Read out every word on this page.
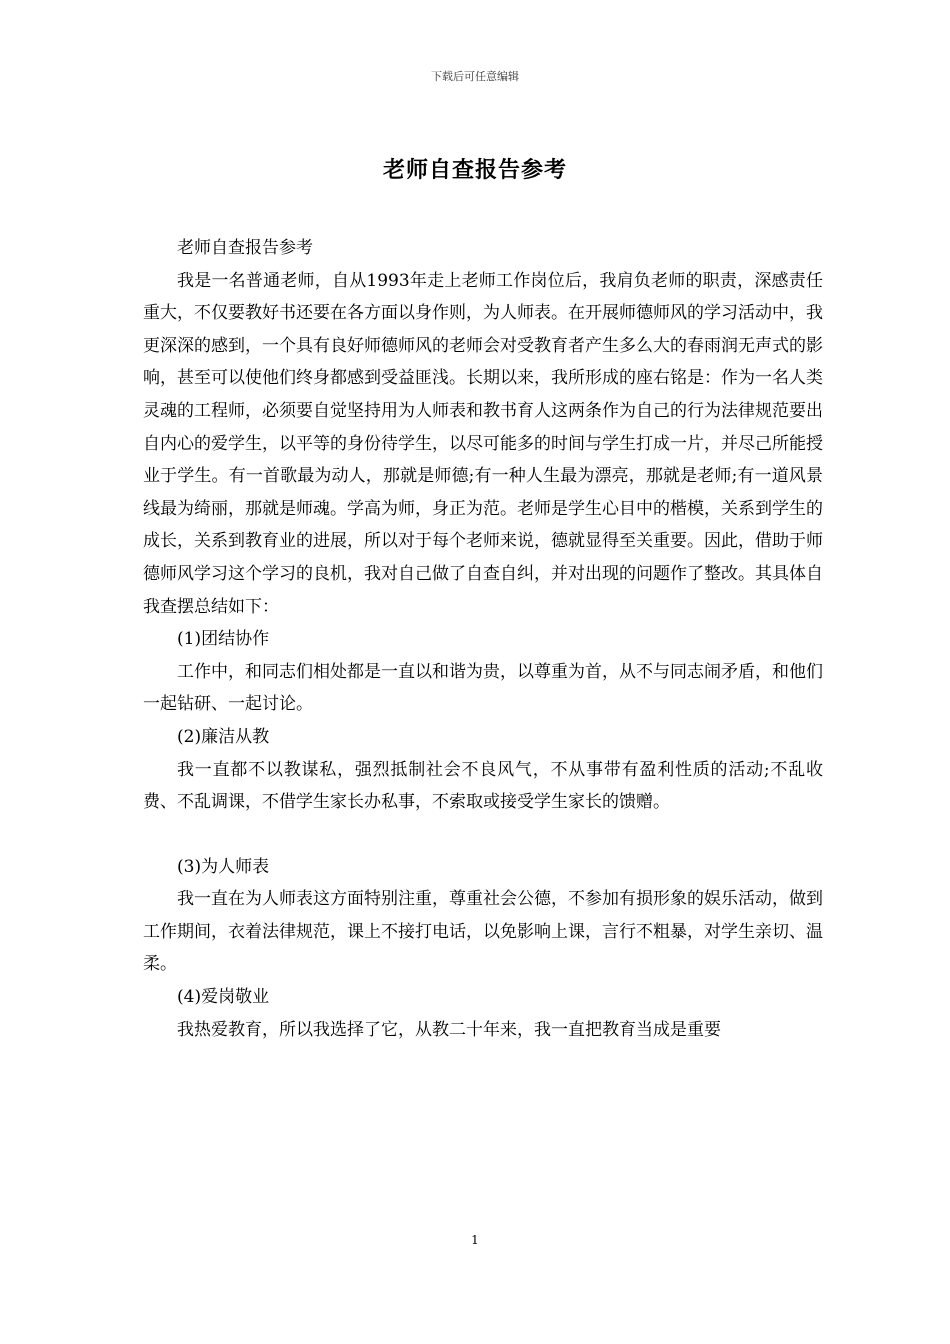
下载后可任意编辑
老师自查报告参考

老师自查报告参考

我是一名普通老师，自从1993年走上老师工作岗位后，我肩负老师的职责，深感责任重大，不仅要教好书还要在各方面以身作则，为人师表。在开展师德师风的学习活动中，我更深深的感到，一个具有良好师德师风的老师会对受教育者产生多么大的春雨润无声式的影响，甚至可以使他们终身都感到受益匪浅。长期以来，我所形成的座右铭是：作为一名人类灵魂的工程师，必须要自觉坚持用为人师表和教书育人这两条作为自己的行为法律规范要出自内心的爱学生，以平等的身份待学生，以尽可能多的时间与学生打成一片，并尽己所能授业于学生。有一首歌最为动人，那就是师德;有一种人生最为漂亮，那就是老师;有一道风景线最为绮丽，那就是师魂。学高为师，身正为范。老师是学生心目中的楷模，关系到学生的成长，关系到教育业的进展，所以对于每个老师来说，德就显得至关重要。因此，借助于师德师风学习这个学习的良机，我对自己做了自查自纠，并对出现的问题作了整改。其具体自我查摆总结如下：

(1)团结协作

工作中，和同志们相处都是一直以和谐为贵，以尊重为首，从不与同志闹矛盾，和他们一起钻研、一起讨论。

(2)廉洁从教

我一直都不以教谋私，强烈抵制社会不良风气，不从事带有盈利性质的活动;不乱收费、不乱调课，不借学生家长办私事，不索取或接受学生家长的馈赠。

(3)为人师表

我一直在为人师表这方面特别注重，尊重社会公德，不参加有损形象的娱乐活动，做到工作期间，衣着法律规范，课上不接打电话，以免影响上课，言行不粗暴，对学生亲切、温柔。

(4)爱岗敬业

我热爱教育，所以我选择了它，从教二十年来，我一直把教育当成是重要

1
